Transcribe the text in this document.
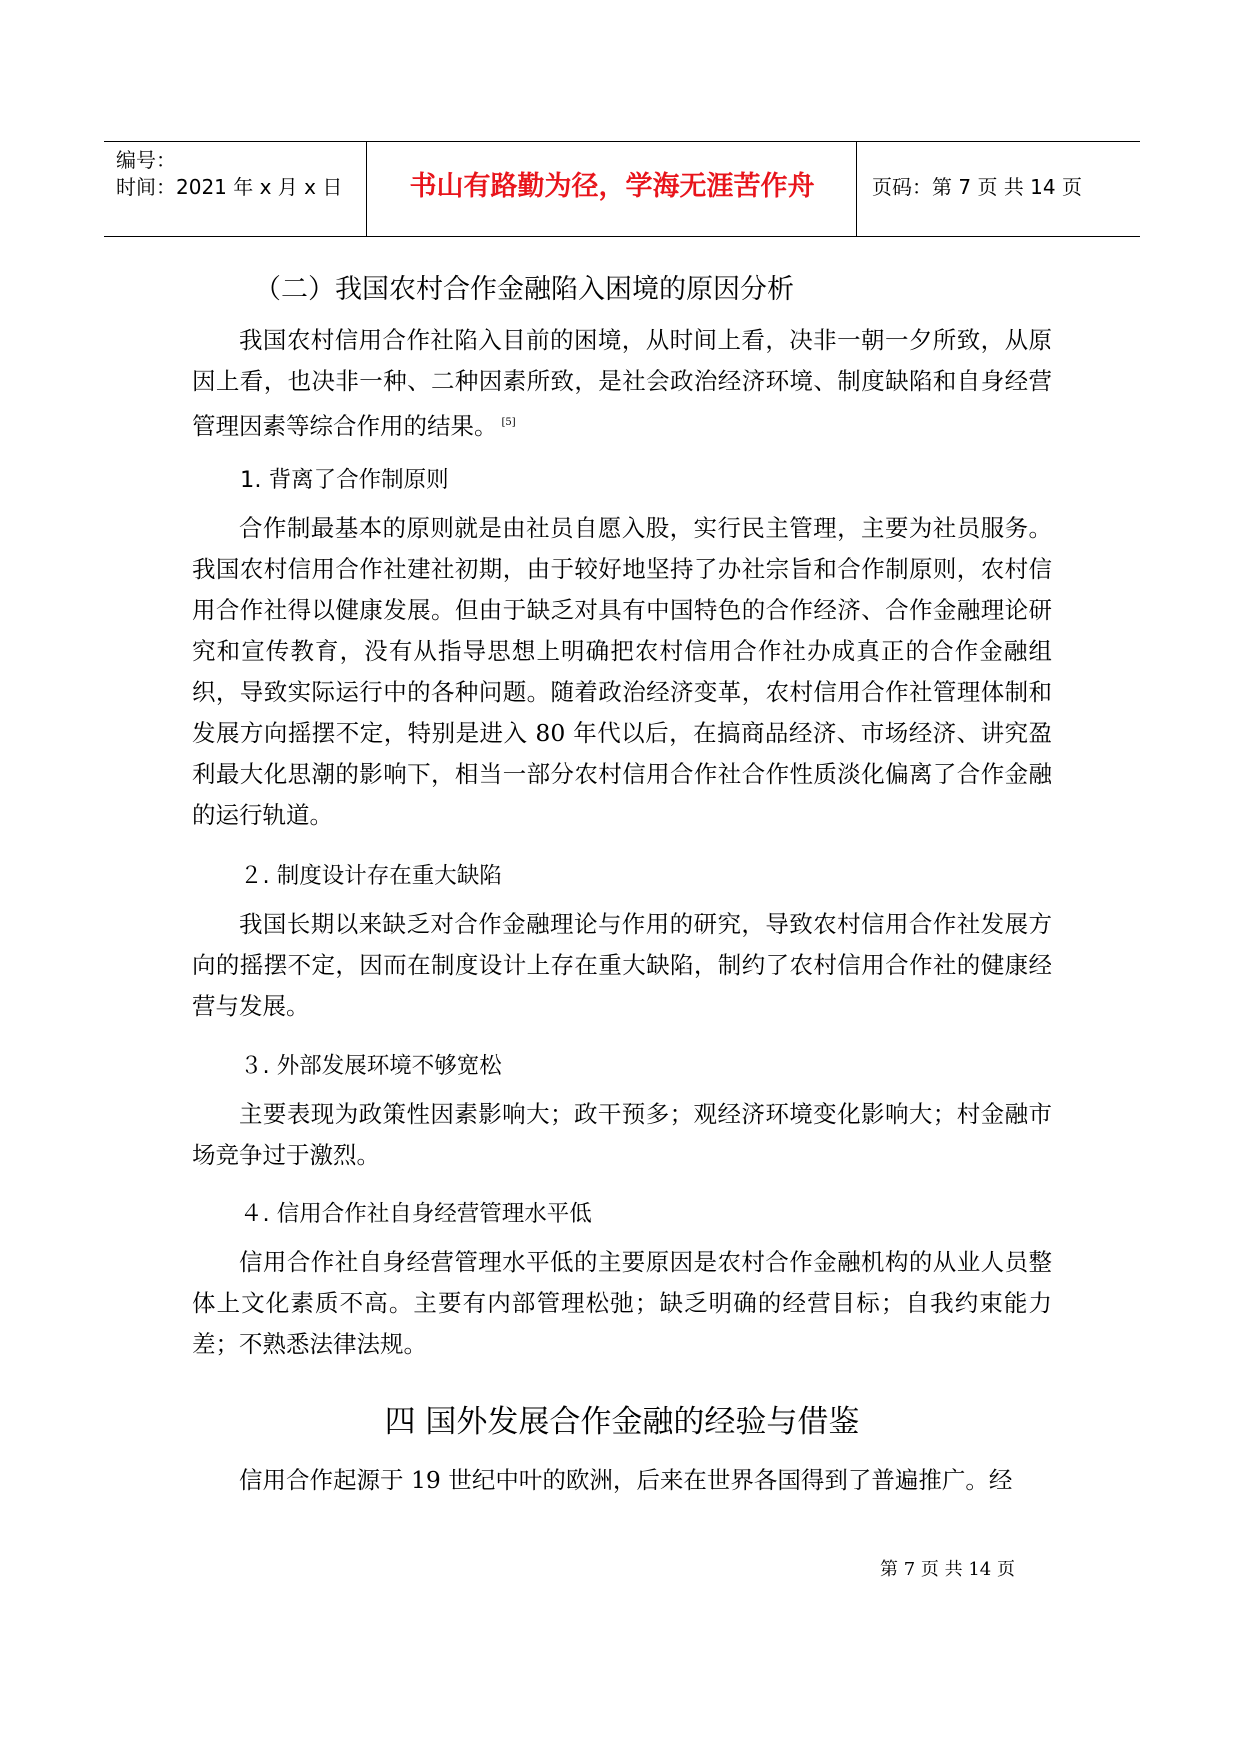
编号：
时间：2021 年 x 月 x 日	书山有路勤为径，学海无涯苦作舟	页码：第 7 页 共 14 页
（二）我国农村合作金融陷入困境的原因分析
我国农村信用合作社陷入目前的困境，从时间上看，决非一朝一夕所致，从原因上看，也决非一种、二种因素所致，是社会政治经济环境、制度缺陷和自身经营管理因素等综合作用的结果。 [5]
1. 背离了合作制原则
合作制最基本的原则就是由社员自愿入股，实行民主管理，主要为社员服务。我国农村信用合作社建社初期，由于较好地坚持了办社宗旨和合作制原则，农村信用合作社得以健康发展。但由于缺乏对具有中国特色的合作经济、合作金融理论研究和宣传教育，没有从指导思想上明确把农村信用合作社办成真正的合作金融组织，导致实际运行中的各种问题。随着政治经济变革，农村信用合作社管理体制和发展方向摇摆不定，特别是进入 80 年代以后，在搞商品经济、市场经济、讲究盈利最大化思潮的影响下，相当一部分农村信用合作社合作性质淡化偏离了合作金融的运行轨道。
２. 制度设计存在重大缺陷
我国长期以来缺乏对合作金融理论与作用的研究，导致农村信用合作社发展方向的摇摆不定，因而在制度设计上存在重大缺陷，制约了农村信用合作社的健康经营与发展。
３. 外部发展环境不够宽松
主要表现为政策性因素影响大；政干预多；观经济环境变化影响大；村金融市场竞争过于激烈。
４. 信用合作社自身经营管理水平低
信用合作社自身经营管理水平低的主要原因是农村合作金融机构的从业人员整体上文化素质不高。主要有内部管理松弛；缺乏明确的经营目标；自我约束能力差；不熟悉法律法规。
四 国外发展合作金融的经验与借鉴
信用合作起源于 19 世纪中叶的欧洲，后来在世界各国得到了普遍推广。经
第 7 页 共 14 页
